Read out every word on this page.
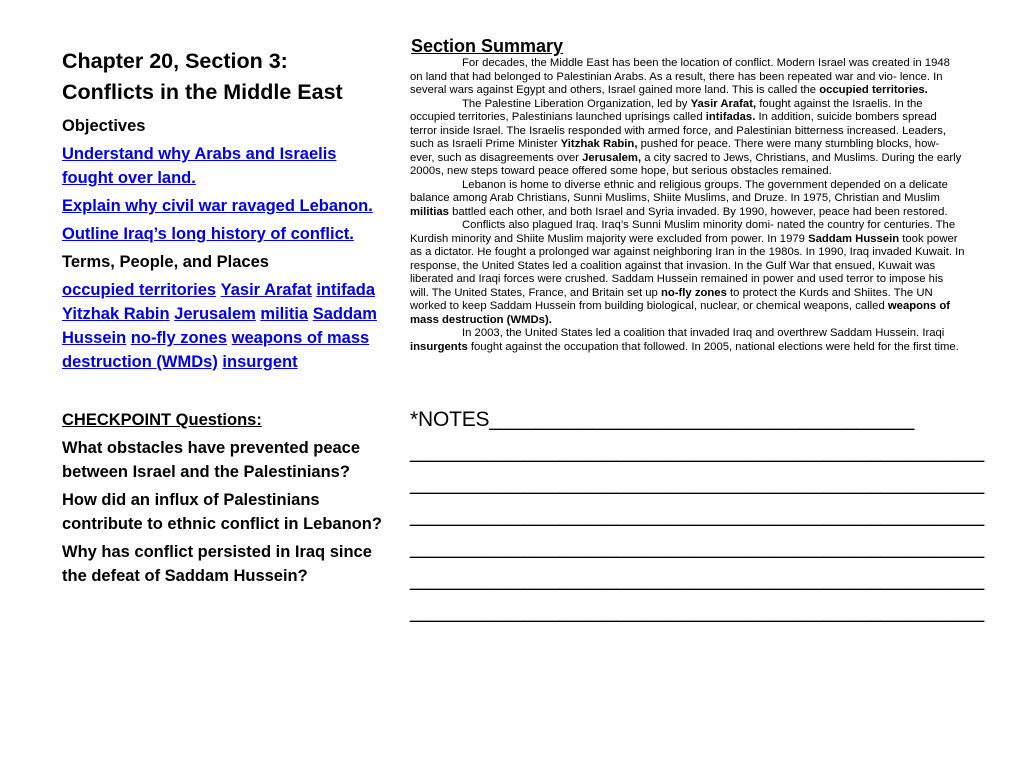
Chapter 20, Section 3:
Conflicts in the Middle East
Objectives
Understand why Arabs and Israelis fought over land.
Explain why civil war ravaged Lebanon.
Outline Iraq’s long history of conflict.
Terms, People, and Places
occupied territories Yasir Arafat intifada Yitzhak Rabin Jerusalem militia Saddam Hussein no-fly zones weapons of mass destruction (WMDs) insurgent
CHECKPOINT Questions:
What obstacles have prevented peace between Israel and the Palestinians?
How did an influx of Palestinians contribute to ethnic conflict in Lebanon?
Why has conflict persisted in Iraq since the defeat of Saddam Hussein?
Section Summary

For decades, the Middle East has been the location of conflict. Modern Israel was created in 1948 on land that had belonged to Palestinian Arabs. As a result, there has been repeated war and vio- lence. In several wars against Egypt and others, Israel gained more land. This is called the occupied territories.

The Palestine Liberation Organization, led by Yasir Arafat, fought against the Israelis. In the occupied territories, Palestinians launched uprisings called intifadas. In addition, suicide bombers spread terror inside Israel. The Israelis responded with armed force, and Palestinian bitterness increased. Leaders, such as Israeli Prime Minister Yitzhak Rabin, pushed for peace. There were many stumbling blocks, how- ever, such as disagreements over Jerusalem, a city sacred to Jews, Christians, and Muslims. During the early 2000s, new steps toward peace offered some hope, but serious obstacles remained.

Lebanon is home to diverse ethnic and religious groups. The government depended on a delicate balance among Arab Christians, Sunni Muslims, Shiite Muslims, and Druze. In 1975, Christian and Muslim militias battled each other, and both Israel and Syria invaded. By 1990, however, peace had been restored.

Conflicts also plagued Iraq. Iraq’s Sunni Muslim minority domi- nated the country for centuries. The Kurdish minority and Shiite Muslim majority were excluded from power. In 1979 Saddam Hussein took power as a dictator. He fought a prolonged war against neighboring Iran in the 1980s. In 1990, Iraq invaded Kuwait. In response, the United States led a coalition against that invasion. In the Gulf War that ensued, Kuwait was liberated and Iraqi forces were crushed. Saddam Hussein remained in power and used terror to impose his will. The United States, France, and Britain set up no-fly zones to protect the Kurds and Shiites. The UN worked to keep Saddam Hussein from building biological, nuclear, or chemical weapons, called weapons of mass destruction (WMDs).

In 2003, the United States led a coalition that invaded Iraq and overthrew Saddam Hussein. Iraqi insurgents fought against the occupation that followed. In 2005, national elections were held for the first time.

*NOTES_____________________________________
__________________________________________________
__________________________________________________
__________________________________________________
__________________________________________________
__________________________________________________
__________________________________________________
